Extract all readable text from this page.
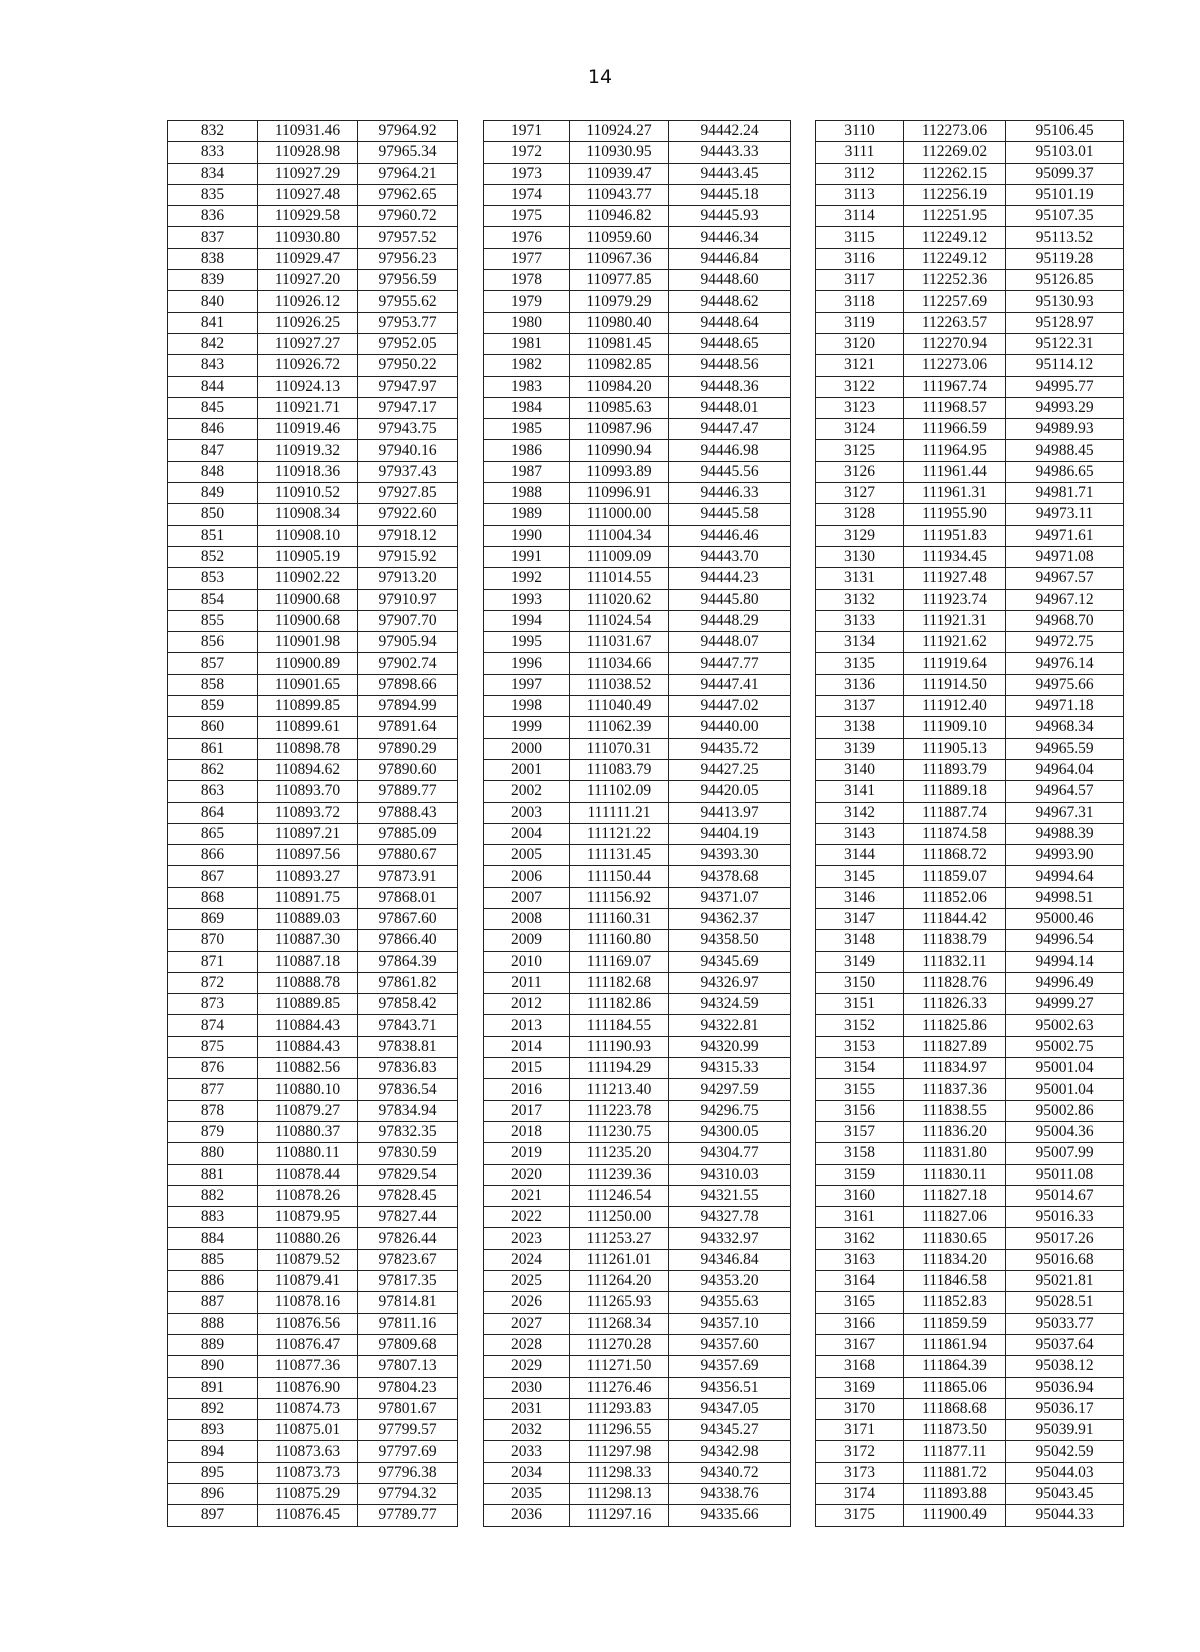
14
832	110931.46	97964.92
833	110928.98	97965.34
834	110927.29	97964.21
835	110927.48	97962.65
836	110929.58	97960.72
837	110930.80	97957.52
838	110929.47	97956.23
839	110927.20	97956.59
840	110926.12	97955.62
841	110926.25	97953.77
842	110927.27	97952.05
843	110926.72	97950.22
844	110924.13	97947.97
845	110921.71	97947.17
846	110919.46	97943.75
847	110919.32	97940.16
848	110918.36	97937.43
849	110910.52	97927.85
850	110908.34	97922.60
851	110908.10	97918.12
852	110905.19	97915.92
853	110902.22	97913.20
854	110900.68	97910.97
855	110900.68	97907.70
856	110901.98	97905.94
857	110900.89	97902.74
858	110901.65	97898.66
859	110899.85	97894.99
860	110899.61	97891.64
861	110898.78	97890.29
862	110894.62	97890.60
863	110893.70	97889.77
864	110893.72	97888.43
865	110897.21	97885.09
866	110897.56	97880.67
867	110893.27	97873.91
868	110891.75	97868.01
869	110889.03	97867.60
870	110887.30	97866.40
871	110887.18	97864.39
872	110888.78	97861.82
873	110889.85	97858.42
874	110884.43	97843.71
875	110884.43	97838.81
876	110882.56	97836.83
877	110880.10	97836.54
878	110879.27	97834.94
879	110880.37	97832.35
880	110880.11	97830.59
881	110878.44	97829.54
882	110878.26	97828.45
883	110879.95	97827.44
884	110880.26	97826.44
885	110879.52	97823.67
886	110879.41	97817.35
887	110878.16	97814.81
888	110876.56	97811.16
889	110876.47	97809.68
890	110877.36	97807.13
891	110876.90	97804.23
892	110874.73	97801.67
893	110875.01	97799.57
894	110873.63	97797.69
895	110873.73	97796.38
896	110875.29	97794.32
897	110876.45	97789.77
1971	110924.27	94442.24
1972	110930.95	94443.33
1973	110939.47	94443.45
1974	110943.77	94445.18
1975	110946.82	94445.93
1976	110959.60	94446.34
1977	110967.36	94446.84
1978	110977.85	94448.60
1979	110979.29	94448.62
1980	110980.40	94448.64
1981	110981.45	94448.65
1982	110982.85	94448.56
1983	110984.20	94448.36
1984	110985.63	94448.01
1985	110987.96	94447.47
1986	110990.94	94446.98
1987	110993.89	94445.56
1988	110996.91	94446.33
1989	111000.00	94445.58
1990	111004.34	94446.46
1991	111009.09	94443.70
1992	111014.55	94444.23
1993	111020.62	94445.80
1994	111024.54	94448.29
1995	111031.67	94448.07
1996	111034.66	94447.77
1997	111038.52	94447.41
1998	111040.49	94447.02
1999	111062.39	94440.00
2000	111070.31	94435.72
2001	111083.79	94427.25
2002	111102.09	94420.05
2003	111111.21	94413.97
2004	111121.22	94404.19
2005	111131.45	94393.30
2006	111150.44	94378.68
2007	111156.92	94371.07
2008	111160.31	94362.37
2009	111160.80	94358.50
2010	111169.07	94345.69
2011	111182.68	94326.97
2012	111182.86	94324.59
2013	111184.55	94322.81
2014	111190.93	94320.99
2015	111194.29	94315.33
2016	111213.40	94297.59
2017	111223.78	94296.75
2018	111230.75	94300.05
2019	111235.20	94304.77
2020	111239.36	94310.03
2021	111246.54	94321.55
2022	111250.00	94327.78
2023	111253.27	94332.97
2024	111261.01	94346.84
2025	111264.20	94353.20
2026	111265.93	94355.63
2027	111268.34	94357.10
2028	111270.28	94357.60
2029	111271.50	94357.69
2030	111276.46	94356.51
2031	111293.83	94347.05
2032	111296.55	94345.27
2033	111297.98	94342.98
2034	111298.33	94340.72
2035	111298.13	94338.76
2036	111297.16	94335.66
3110	112273.06	95106.45
3111	112269.02	95103.01
3112	112262.15	95099.37
3113	112256.19	95101.19
3114	112251.95	95107.35
3115	112249.12	95113.52
3116	112249.12	95119.28
3117	112252.36	95126.85
3118	112257.69	95130.93
3119	112263.57	95128.97
3120	112270.94	95122.31
3121	112273.06	95114.12
3122	111967.74	94995.77
3123	111968.57	94993.29
3124	111966.59	94989.93
3125	111964.95	94988.45
3126	111961.44	94986.65
3127	111961.31	94981.71
3128	111955.90	94973.11
3129	111951.83	94971.61
3130	111934.45	94971.08
3131	111927.48	94967.57
3132	111923.74	94967.12
3133	111921.31	94968.70
3134	111921.62	94972.75
3135	111919.64	94976.14
3136	111914.50	94975.66
3137	111912.40	94971.18
3138	111909.10	94968.34
3139	111905.13	94965.59
3140	111893.79	94964.04
3141	111889.18	94964.57
3142	111887.74	94967.31
3143	111874.58	94988.39
3144	111868.72	94993.90
3145	111859.07	94994.64
3146	111852.06	94998.51
3147	111844.42	95000.46
3148	111838.79	94996.54
3149	111832.11	94994.14
3150	111828.76	94996.49
3151	111826.33	94999.27
3152	111825.86	95002.63
3153	111827.89	95002.75
3154	111834.97	95001.04
3155	111837.36	95001.04
3156	111838.55	95002.86
3157	111836.20	95004.36
3158	111831.80	95007.99
3159	111830.11	95011.08
3160	111827.18	95014.67
3161	111827.06	95016.33
3162	111830.65	95017.26
3163	111834.20	95016.68
3164	111846.58	95021.81
3165	111852.83	95028.51
3166	111859.59	95033.77
3167	111861.94	95037.64
3168	111864.39	95038.12
3169	111865.06	95036.94
3170	111868.68	95036.17
3171	111873.50	95039.91
3172	111877.11	95042.59
3173	111881.72	95044.03
3174	111893.88	95043.45
3175	111900.49	95044.33
